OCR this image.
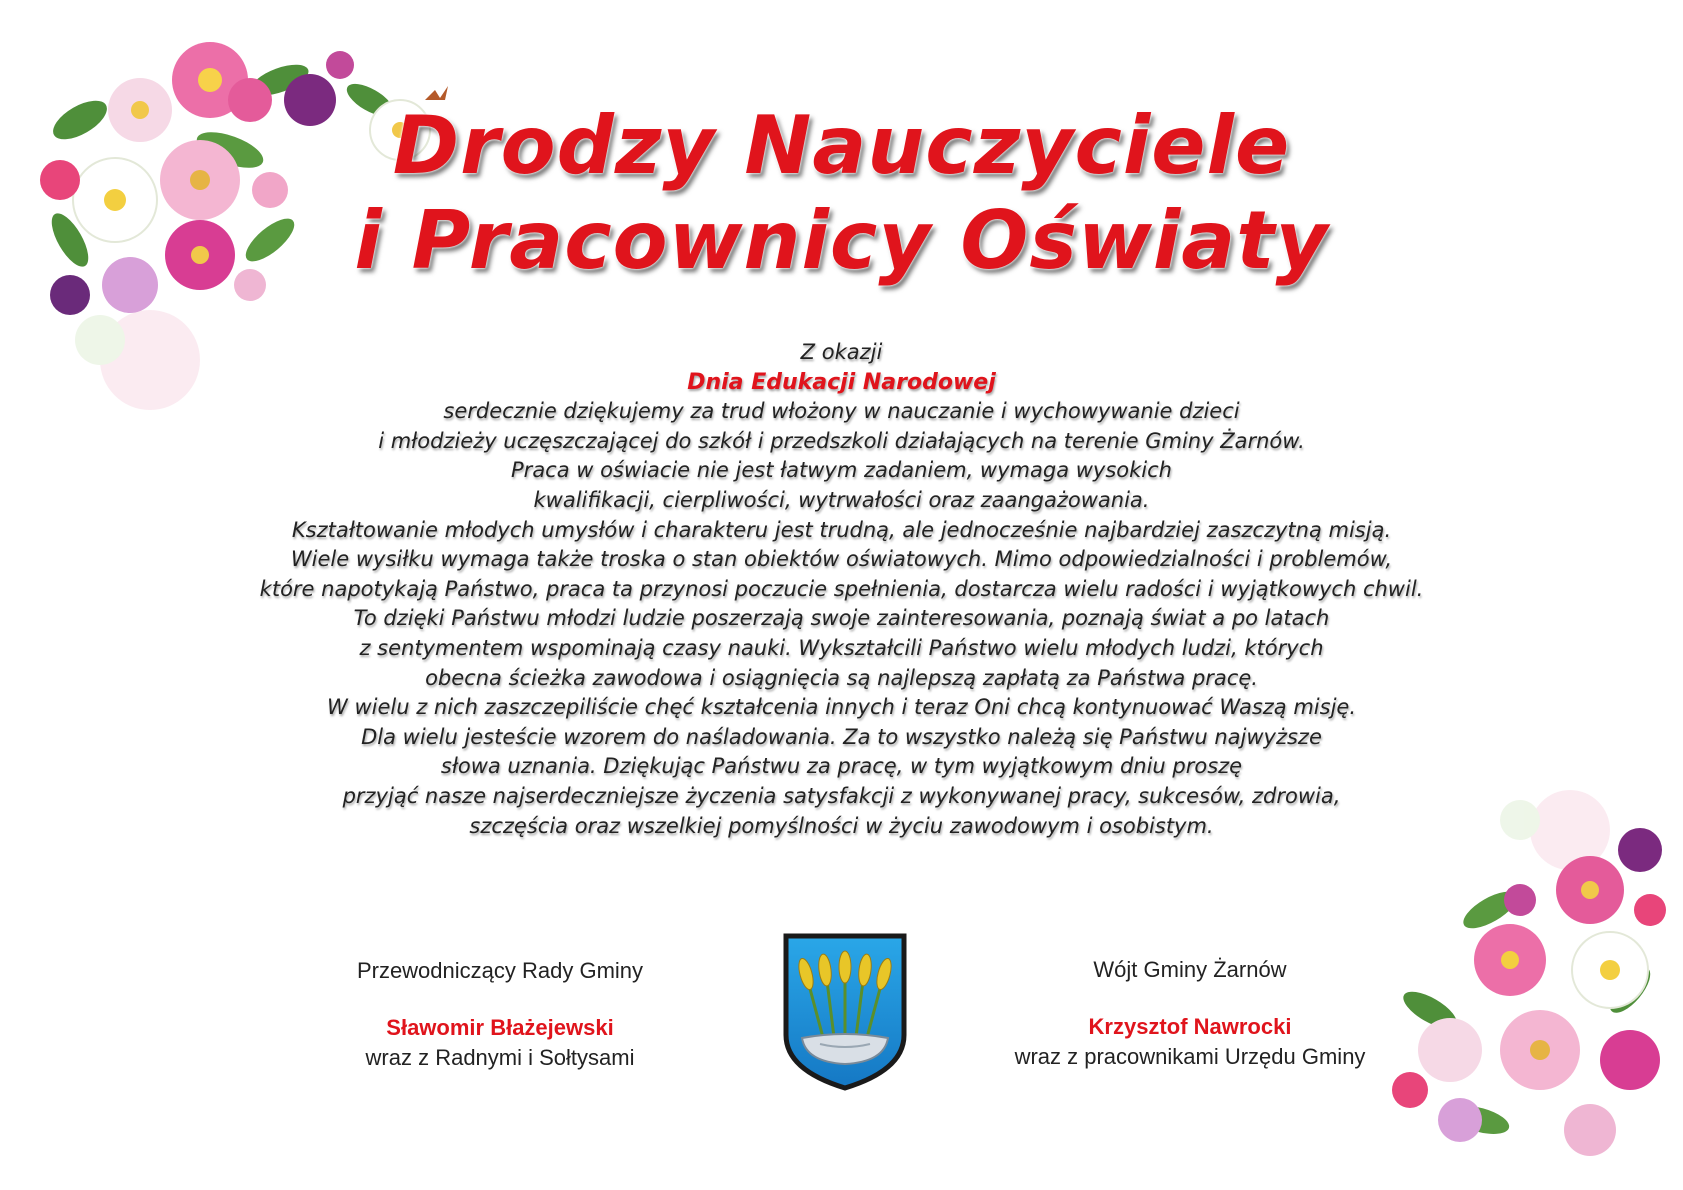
Drodzy Nauczyciele
i Pracownicy Oświaty
Z okazji
Dnia Edukacji Narodowej
serdecznie dziękujemy za trud włożony w nauczanie i wychowywanie dzieci
i młodzieży uczęszczającej do szkół i przedszkoli działających na terenie Gminy Żarnów.
Praca w oświacie nie jest łatwym zadaniem, wymaga wysokich
kwalifikacji, cierpliwości, wytrwałości oraz zaangażowania.
Kształtowanie młodych umysłów i charakteru jest trudną, ale jednocześnie najbardziej zaszczytną misją.
Wiele wysiłku wymaga także troska o stan obiektów oświatowych. Mimo odpowiedzialności i problemów,
które napotykają Państwo, praca ta przynosi poczucie spełnienia, dostarcza wielu radości i wyjątkowych chwil.
To dzięki Państwu młodzi ludzie poszerzają swoje zainteresowania, poznają świat a po latach
z sentymentem wspominają czasy nauki. Wykształcili Państwo wielu młodych ludzi, których
obecna ścieżka zawodowa i osiągnięcia są najlepszą zapłatą za Państwa pracę.
W wielu z nich zaszczepiliście chęć kształcenia innych i teraz Oni chcą kontynuować Waszą misję.
Dla wielu jesteście wzorem do naśladowania. Za to wszystko należą się Państwu najwyższe
słowa uznania. Dziękując Państwu za pracę, w tym wyjątkowym dniu proszę
przyjąć nasze najserdeczniejsze życzenia satysfakcji z wykonywanej pracy, sukcesów, zdrowia,
szczęścia oraz wszelkiej pomyślności w życiu zawodowym i osobistym.
Przewodniczący Rady Gminy
Sławomir Błażejewski
wraz z Radnymi i Sołtysami
Wójt Gminy Żarnów
Krzysztof Nawrocki
wraz z pracownikami Urzędu Gminy
